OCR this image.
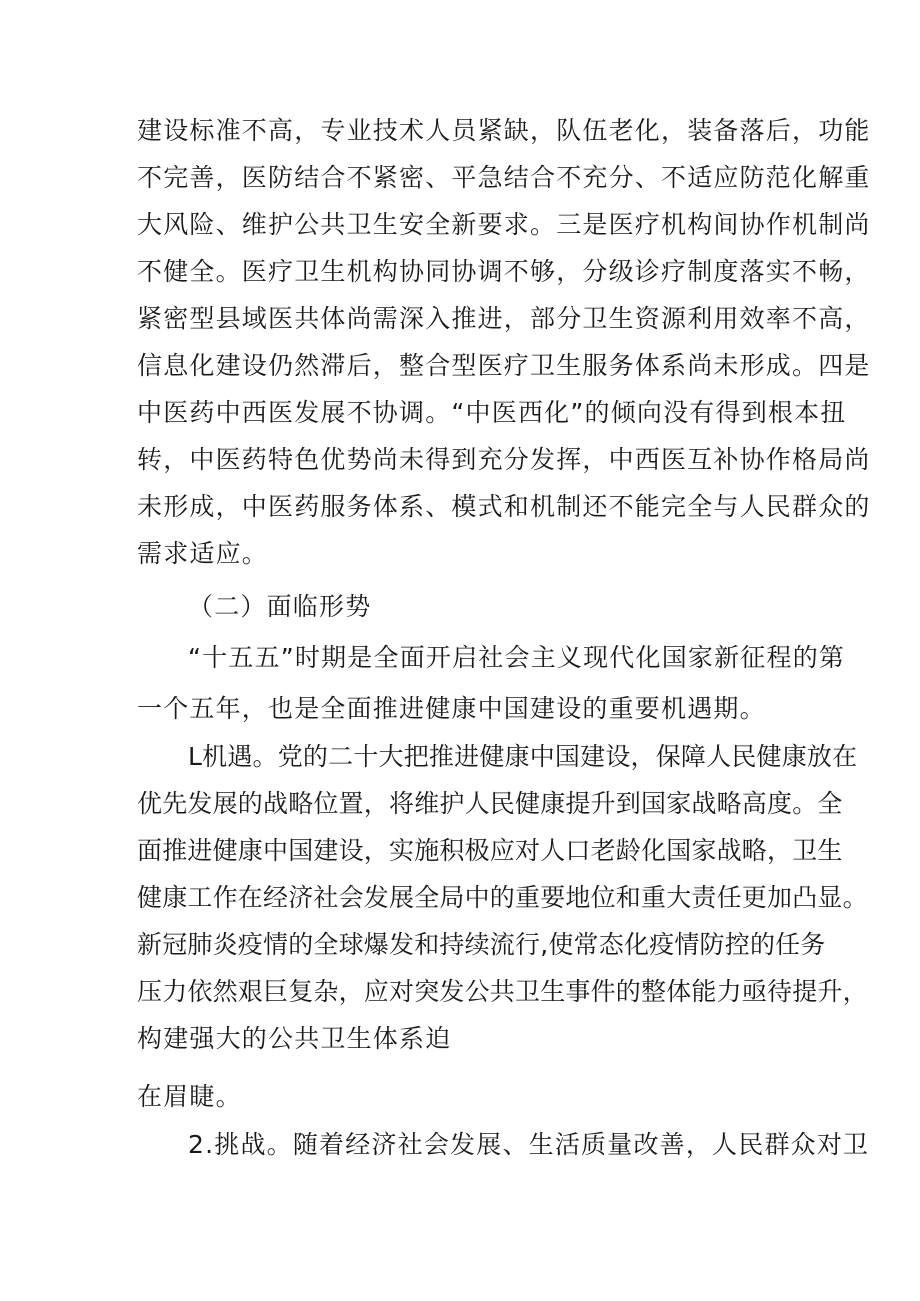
建设标准不高，专业技术人员紧缺，队伍老化，装备落后，功能
不完善，医防结合不紧密、平急结合不充分、不适应防范化解重
大风险、维护公共卫生安全新要求。三是医疗机构间协作机制尚
不健全。医疗卫生机构协同协调不够，分级诊疗制度落实不畅，
紧密型县域医共体尚需深入推进，部分卫生资源利用效率不高，
信息化建设仍然滞后，整合型医疗卫生服务体系尚未形成。四是
中医药中西医发展不协调。“中医西化”的倾向没有得到根本扭
转，中医药特色优势尚未得到充分发挥，中西医互补协作格局尚
未形成，中医药服务体系、模式和机制还不能完全与人民群众的
需求适应。
（二）面临形势
“十五五”时期是全面开启社会主义现代化国家新征程的第
一个五年，也是全面推进健康中国建设的重要机遇期。
L机遇。党的二十大把推进健康中国建设，保障人民健康放在
优先发展的战略位置，将维护人民健康提升到国家战略高度。全
面推进健康中国建设，实施积极应对人口老龄化国家战略，卫生
健康工作在经济社会发展全局中的重要地位和重大责任更加凸显。
新冠肺炎疫情的全球爆发和持续流行,使常态化疫情防控的任务
压力依然艰巨复杂，应对突发公共卫生事件的整体能力亟待提升，
构建强大的公共卫生体系迫
在眉睫。
2.挑战。随着经济社会发展、生活质量改善，人民群众对卫
